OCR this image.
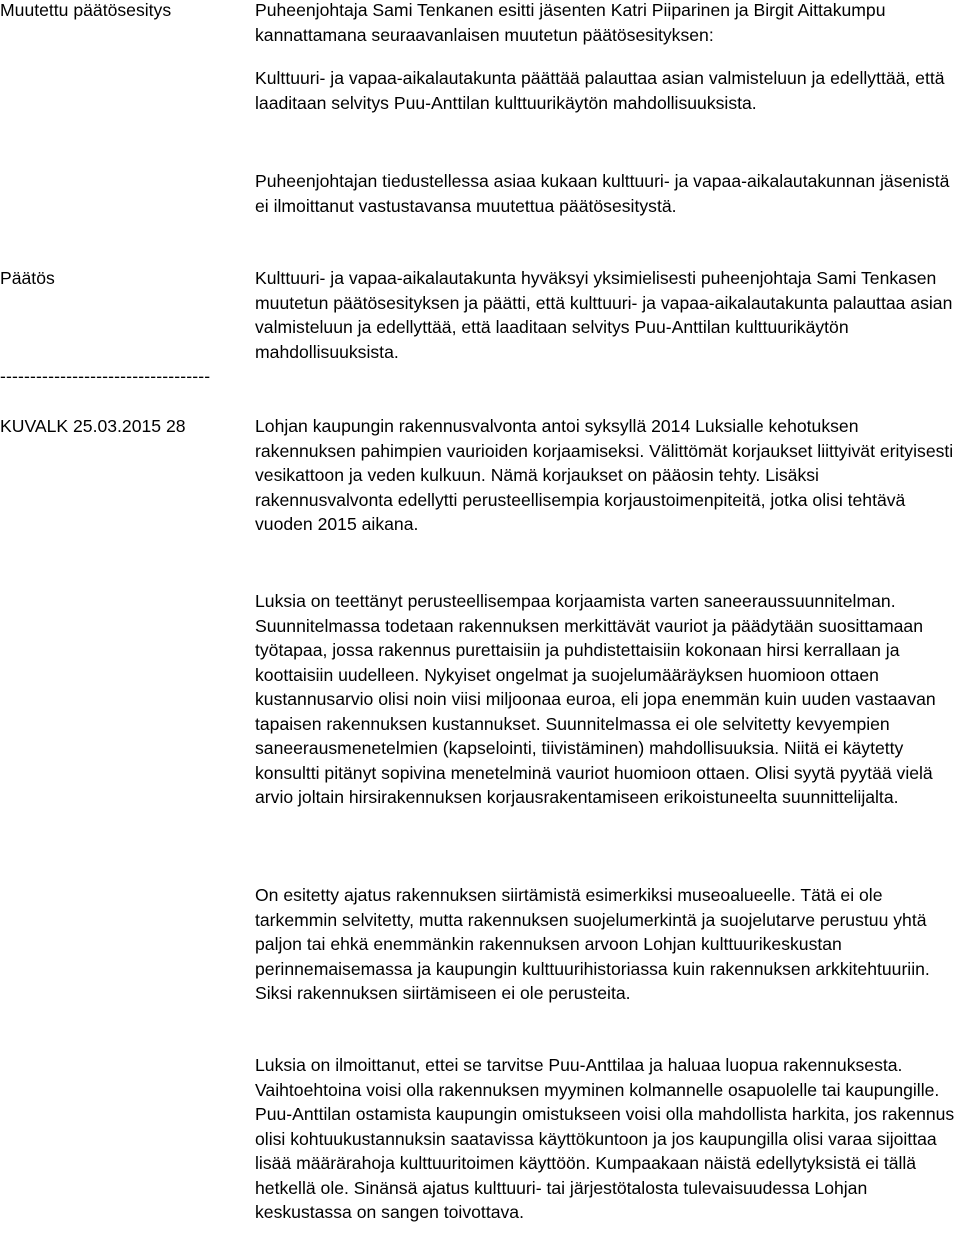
Muutettu päätösesitys	Puheenjohtaja Sami Tenkanen esitti jäsenten Katri Piiparinen ja Birgit Aittakumpu kannattamana seuraavanlaisen muutetun päätösesityksen:

Kulttuuri- ja vapaa-aikalautakunta päättää palauttaa asian valmisteluun ja edellyttää, että laaditaan selvitys Puu-Anttilan kulttuurikäytön mahdollisuuksista.

Puheenjohtajan tiedustellessa asiaa kukaan kulttuuri- ja vapaa-aikalautakunnan jäsenistä ei ilmoittanut vastustavansa muutettua päätösesitystä.

Päätös	Kulttuuri- ja vapaa-aikalautakunta hyväksyi yksimielisesti puheenjohtaja Sami Tenkasen muutetun päätösesityksen ja päätti, että kulttuuri- ja vapaa-aikalautakunta palauttaa asian valmisteluun ja edellyttää, että laaditaan selvitys Puu-Anttilan kulttuurikäytön mahdollisuuksista.

-----------------------------------
KUVALK 25.03.2015 28	Lohjan kaupungin rakennusvalvonta antoi syksyllä 2014 Luksialle kehotuksen rakennuksen pahimpien vaurioiden korjaamiseksi. Välittömät korjaukset liittyivät erityisesti vesikattoon ja veden kulkuun. Nämä korjaukset on pääosin tehty. Lisäksi rakennusvalvonta edellytti perusteellisempia korjaustoimenpiteitä, jotka olisi tehtävä vuoden 2015 aikana.

Luksia on teettänyt perusteellisempaa korjaamista varten saneeraussuunnitelman. Suunnitelmassa todetaan rakennuksen merkittävät vauriot ja päädytään suosittamaan työtapaa, jossa rakennus purettaisiin ja puhdistettaisiin kokonaan hirsi kerrallaan ja koottaisiin uudelleen. Nykyiset ongelmat ja suojelumääräyksen huomioon ottaen kustannusarvio olisi noin viisi miljoonaa euroa, eli jopa enemmän kuin uuden vastaavan tapaisen rakennuksen kustannukset. Suunnitelmassa ei ole selvitetty kevyempien saneerausmenetelmien (kapselointi, tiivistäminen) mahdollisuuksia. Niitä ei käytetty konsultti pitänyt sopivina menetelminä vauriot huomioon ottaen. Olisi syytä pyytää vielä arvio joltain hirsirakennuksen korjausrakentamiseen erikoistuneelta suunnittelijalta.

On esitetty ajatus rakennuksen siirtämistä esimerkiksi museoalueelle. Tätä ei ole tarkemmin selvitetty, mutta rakennuksen suojelumerkintä ja suojelutarve perustuu yhtä paljon tai ehkä enemmänkin rakennuksen arvoon Lohjan kulttuurikeskustan perinnemaisemassa ja kaupungin kulttuurihistoriassa kuin rakennuksen arkkitehtuuriin. Siksi rakennuksen siirtämiseen ei ole perusteita.

Luksia on ilmoittanut, ettei se tarvitse Puu-Anttilaa ja haluaa luopua rakennuksesta. Vaihtoehtoina voisi olla rakennuksen myyminen kolmannelle osapuolelle tai kaupungille. Puu-Anttilan ostamista kaupungin omistukseen voisi olla mahdollista harkita, jos rakennus olisi kohtuukustannuksin saatavissa käyttökuntoon ja jos kaupungilla olisi varaa sijoittaa lisää määrärahoja kulttuuritoimen käyttöön. Kumpaakaan näistä edellytyksistä ei tällä hetkellä ole. Sinänsä ajatus kulttuuri- tai järjestötalosta tulevaisuudessa Lohjan keskustassa on sangen toivottava.
